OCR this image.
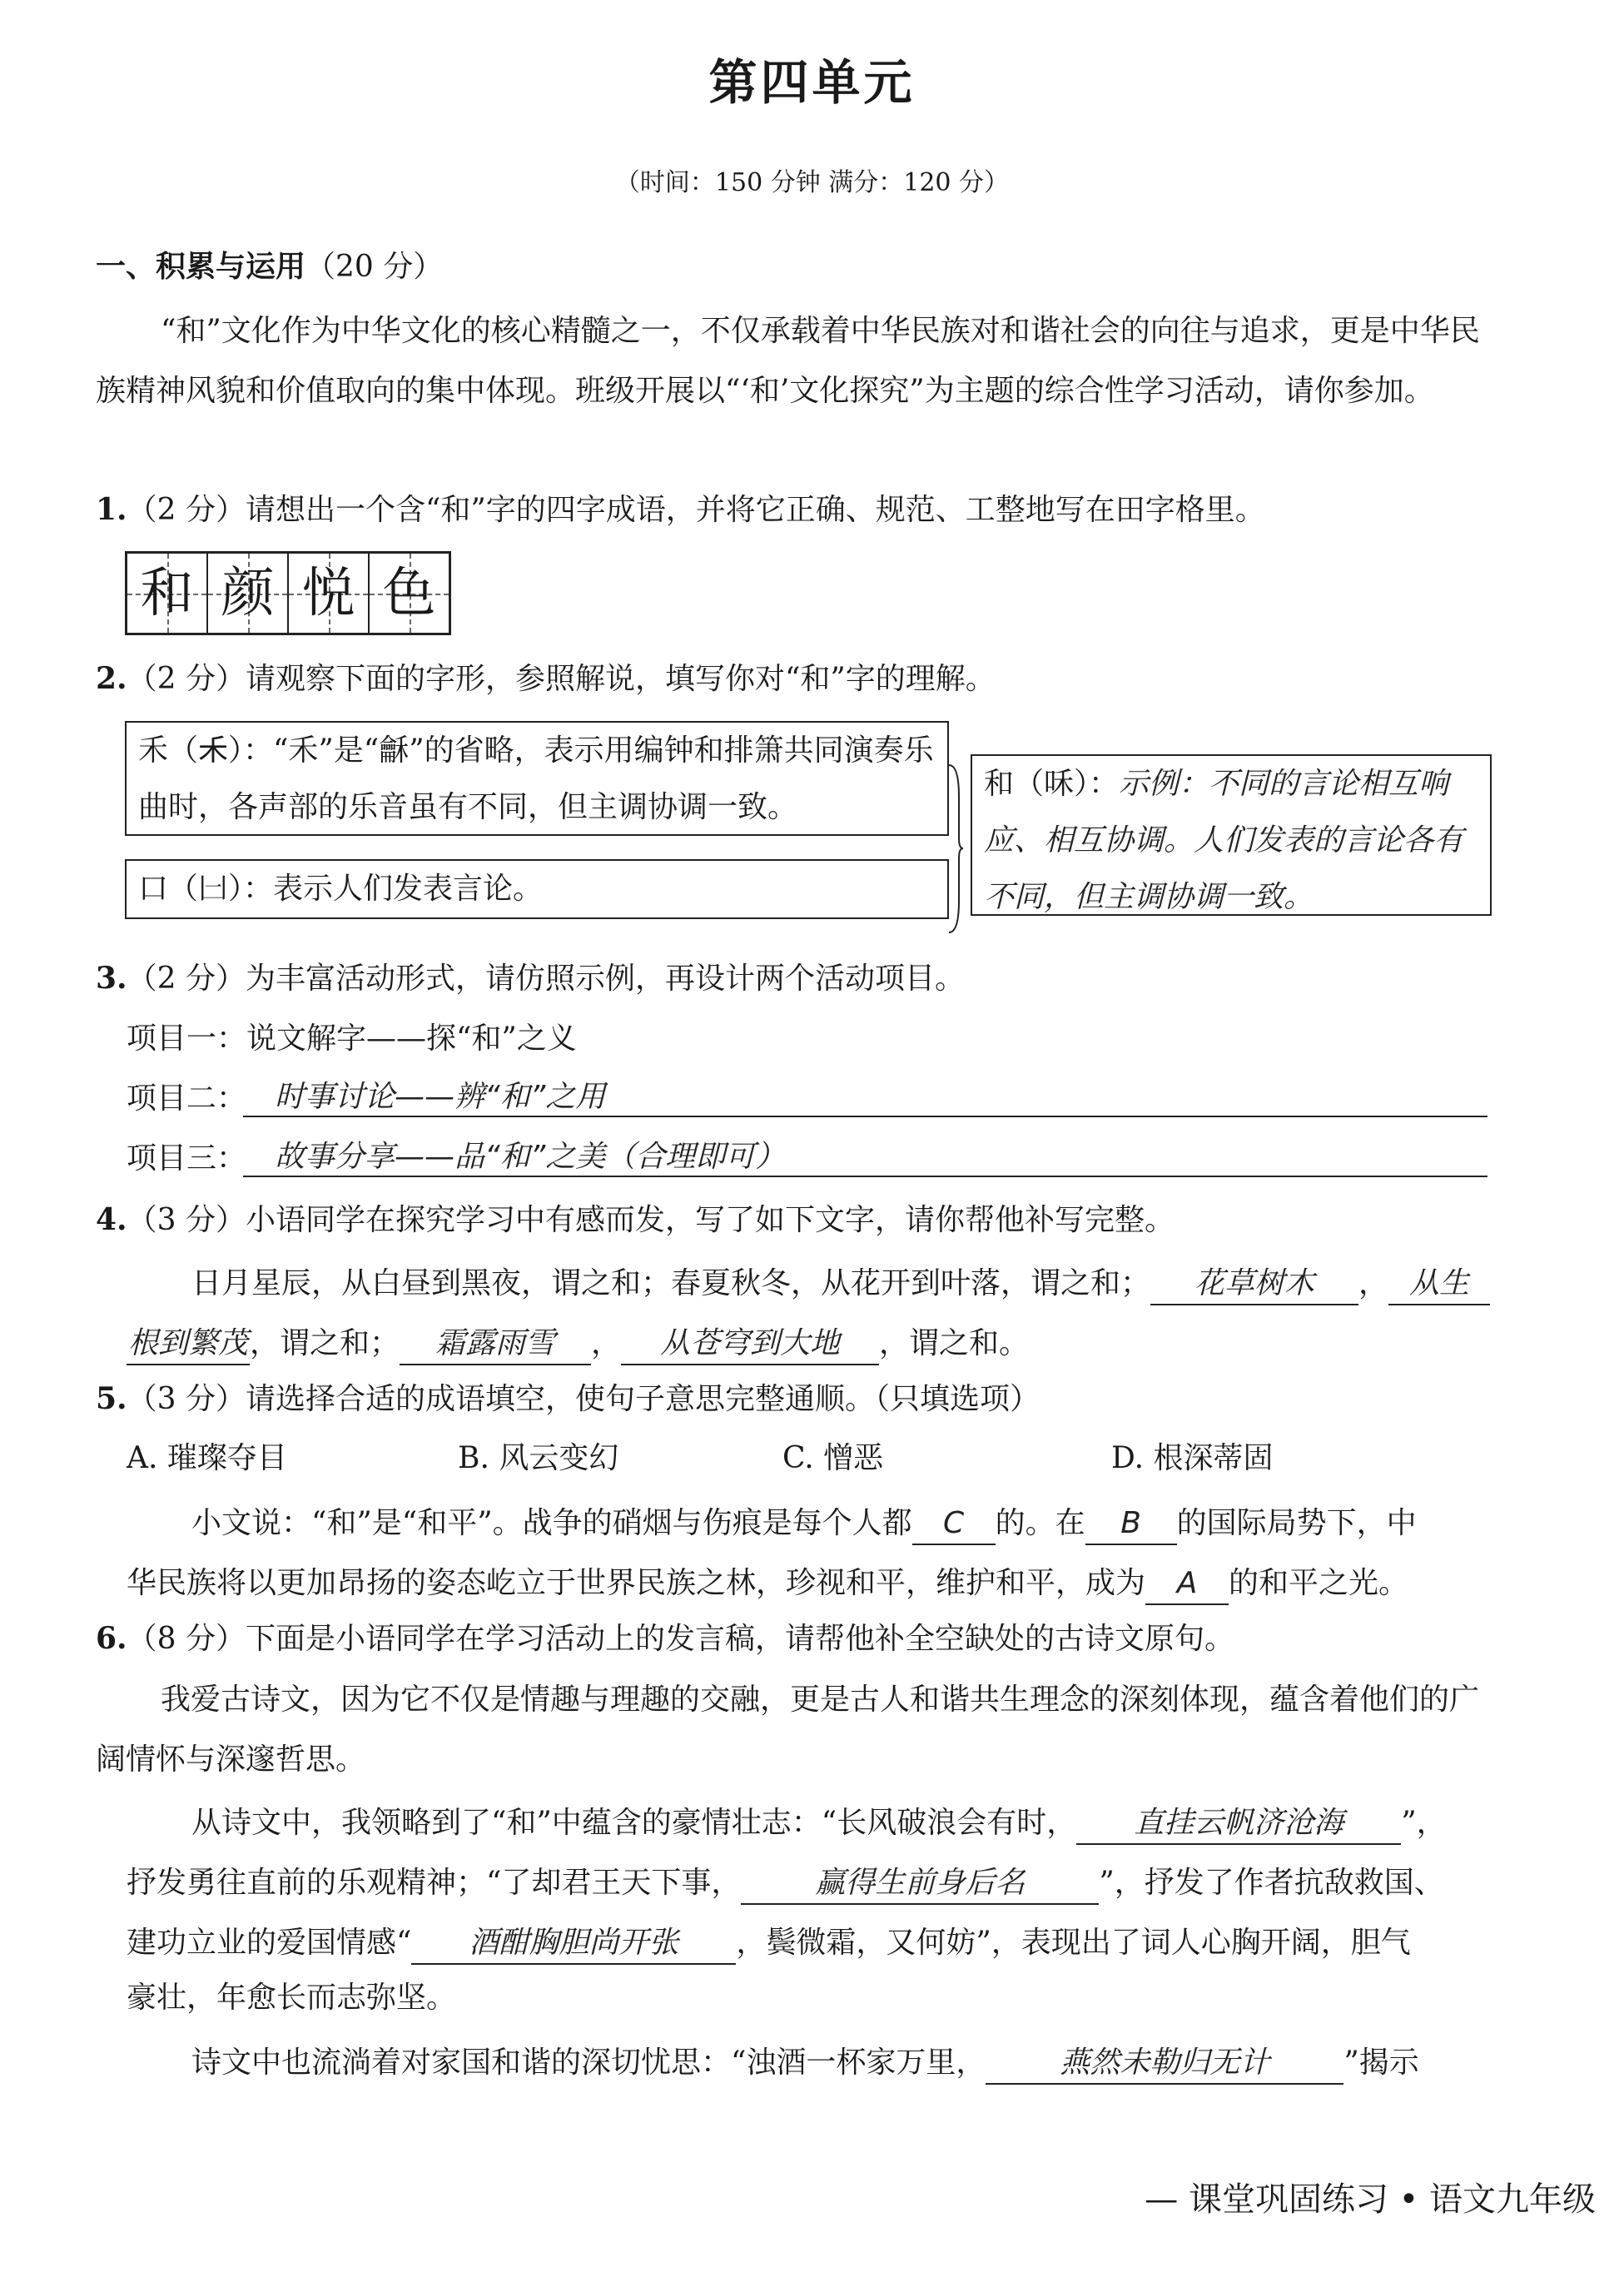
第四单元
（时间：150 分钟 满分：120 分）
一、积累与运用（20 分）
“和”文化作为中华文化的核心精髓之一，不仅承载着中华民族对和谐社会的向往与追求，更是中华民族精神风貌和价值取向的集中体现。班级开展以“‘和’文化探究”为主题的综合性学习活动，请你参加。
1.（2 分）请想出一个含“和”字的四字成语，并将它正确、规范、工整地写在田字格里。
和 颜 悦 色
2.（2 分）请观察下面的字形，参照解说，填写你对“和”字的理解。
禾（𥝌）：“禾”是“龢”的省略，表示用编钟和排箫共同演奏乐曲时，各声部的乐音虽有不同，但主调协调一致。
口（𠙵）：表示人们发表言论。
和（咊）：示例：不同的言论相互响应、相互协调。人们发表的言论各有不同，但主调协调一致。
3.（2 分）为丰富活动形式，请仿照示例，再设计两个活动项目。
项目一：说文解字——探“和”之义
项目二： 时事讨论——辨“和”之用
项目三： 故事分享——品“和”之美（合理即可）
4.（3 分）小语同学在探究学习中有感而发，写了如下文字，请你帮他补写完整。
日月星辰，从白昼到黑夜，谓之和；春夏秋冬，从花开到叶落，谓之和； 花草树木 ， 从生
根到繁茂，谓之和； 霜露雨雪 ， 从苍穹到大地 ，谓之和。
5.（3 分）请选择合适的成语填空，使句子意思完整通顺。（只填选项）
A. 璀璨夺目	B. 风云变幻	C. 憎恶	D. 根深蒂固
小文说：“和”是“和平”。战争的硝烟与伤痕是每个人都 C 的。在 B 的国际局势下，中
华民族将以更加昂扬的姿态屹立于世界民族之林，珍视和平，维护和平，成为 A 的和平之光。
6.（8 分）下面是小语同学在学习活动上的发言稿，请帮他补全空缺处的古诗文原句。
我爱古诗文，因为它不仅是情趣与理趣的交融，更是古人和谐共生理念的深刻体现，蕴含着他们的广阔情怀与深邃哲思。
从诗文中，我领略到了“和”中蕴含的豪情壮志：“长风破浪会有时， 直挂云帆济沧海 ”，
抒发勇往直前的乐观精神；“了却君王天下事， 赢得生前身后名 ”，抒发了作者抗敌救国、
建功立业的爱国情感“ 酒酣胸胆尚开张 ，鬓微霜，又何妨”，表现出了词人心胸开阔，胆气
豪壮，年愈长而志弥坚。
诗文中也流淌着对家国和谐的深切忧思：“浊酒一杯家万里， 燕然未勒归无计 ”揭示
— 课堂巩固练习 • 语文九年级
